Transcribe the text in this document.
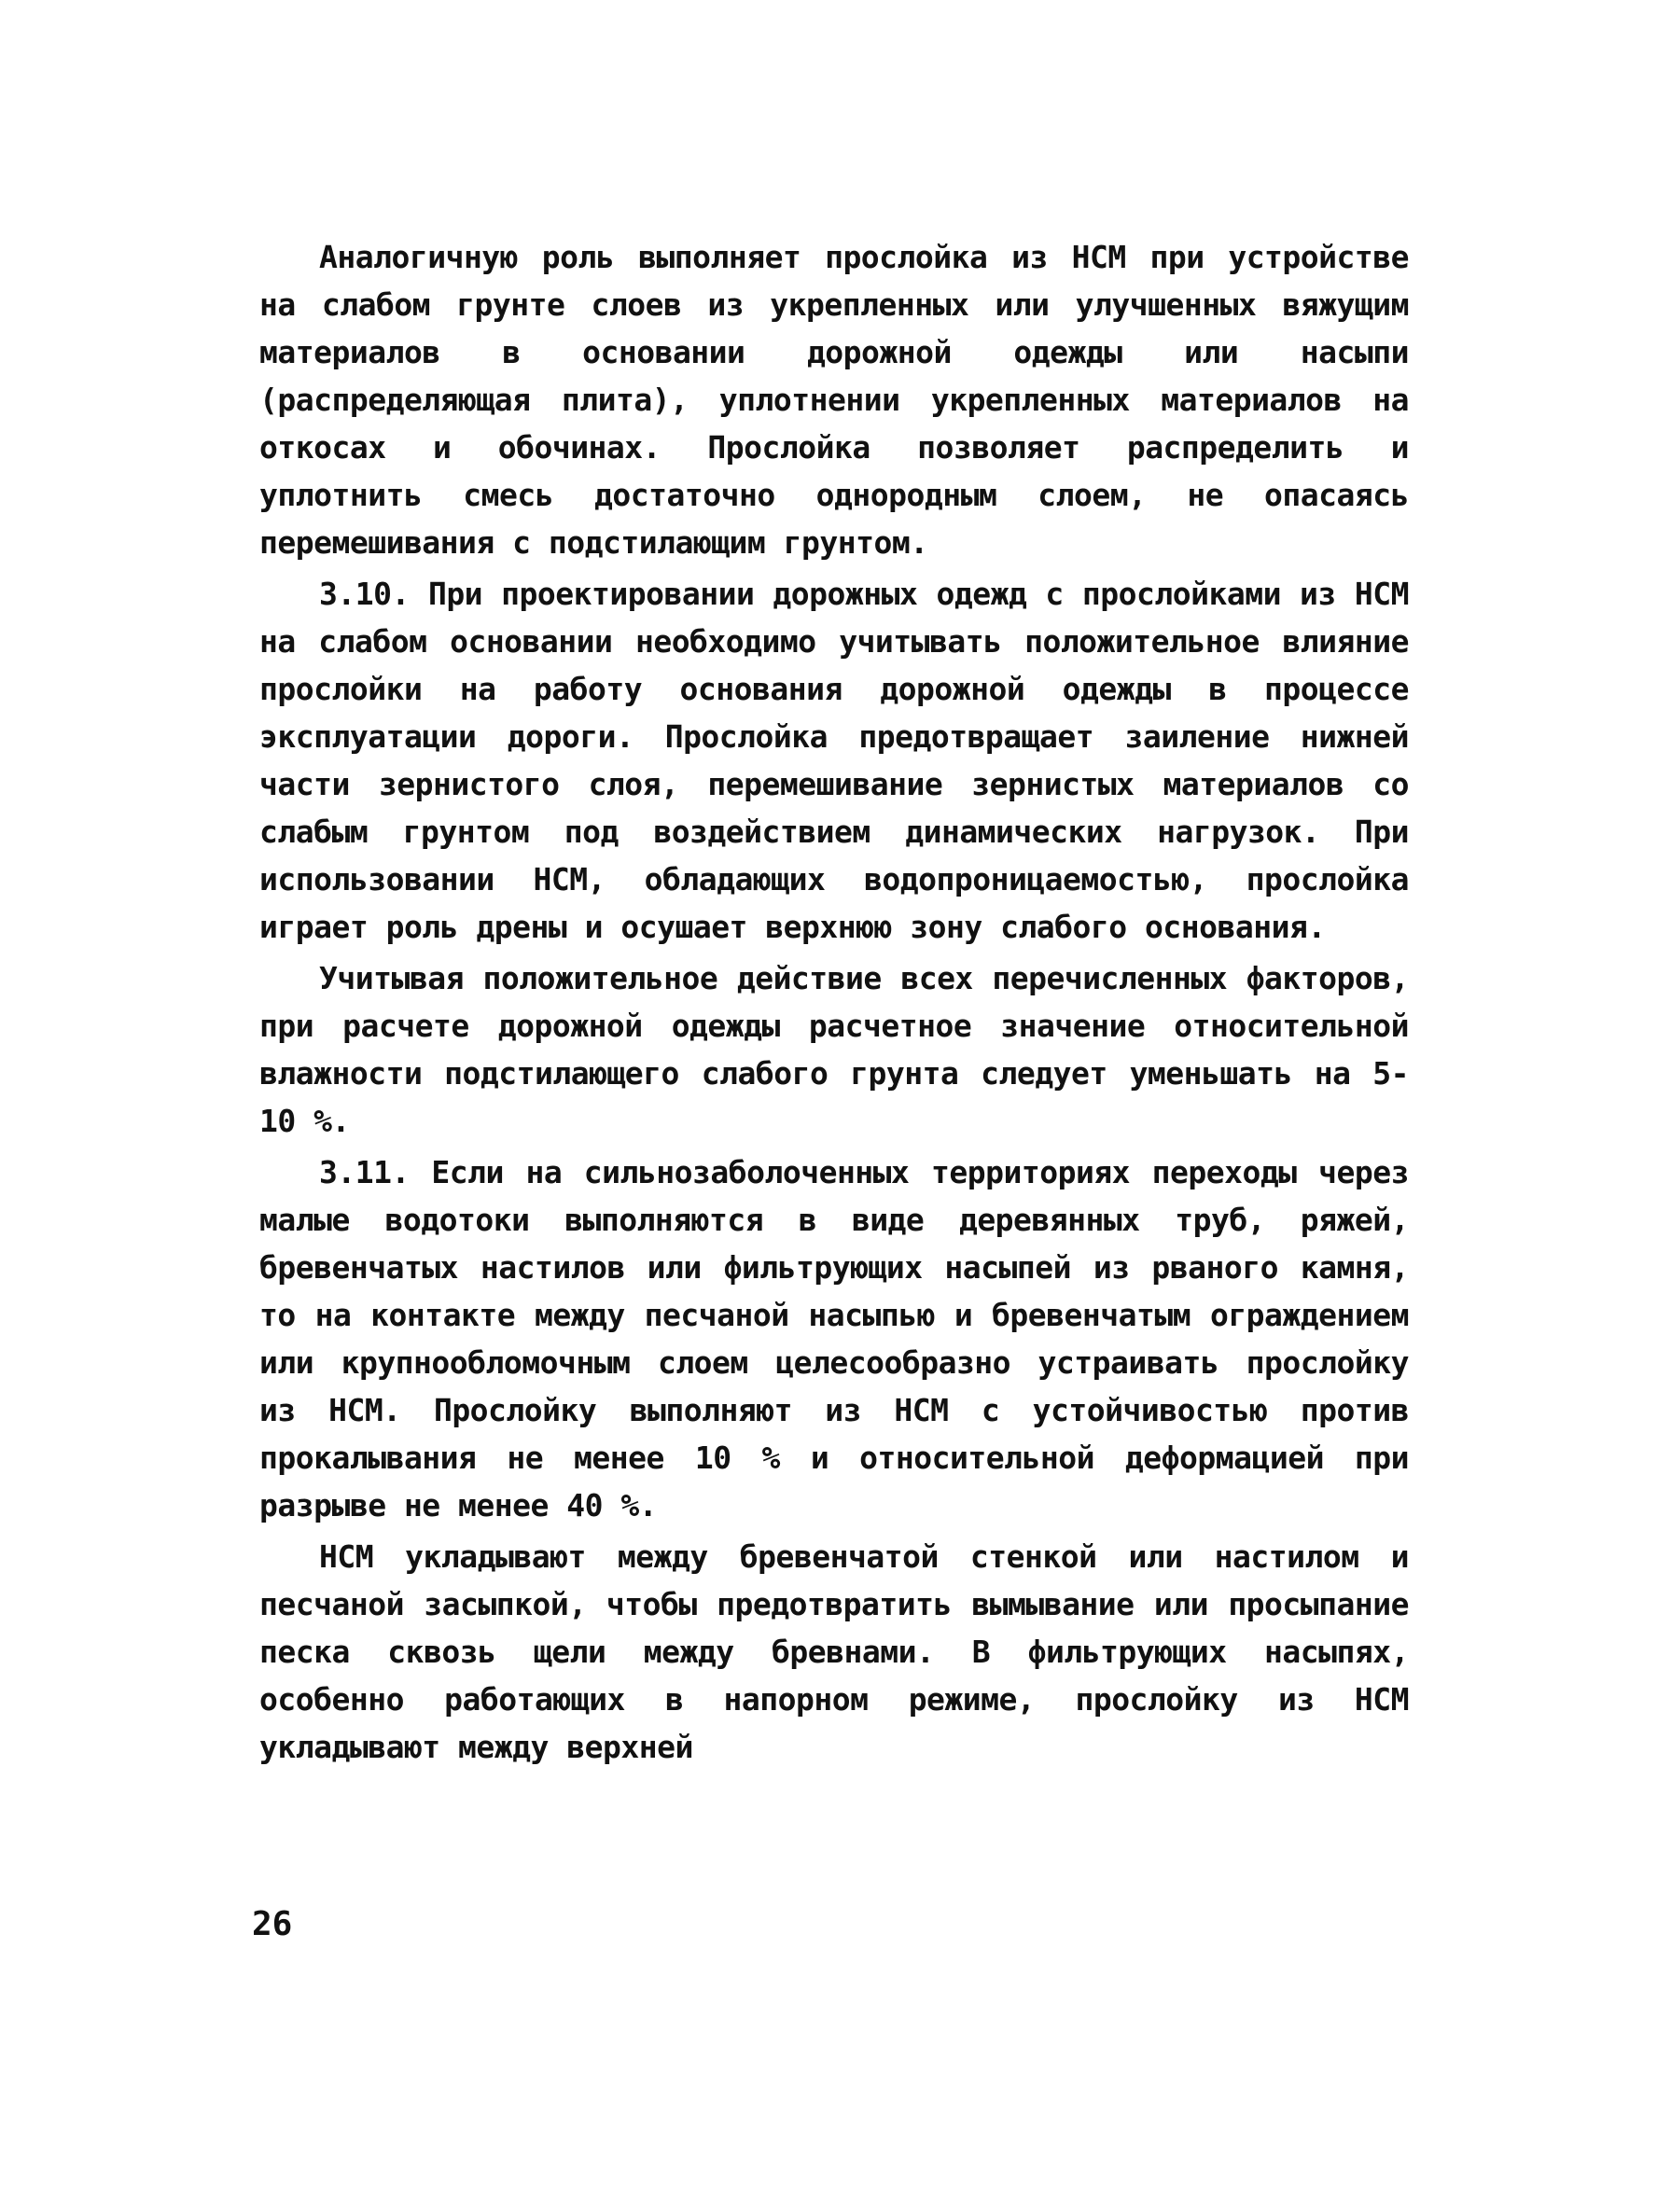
Аналогичную роль выполняет прослойка из НСМ при устройстве на слабом грунте слоев из укрепленных или улучшенных вяжущим материалов в основании дорожной одежды или насыпи (распределяющая плита), уплотнении укрепленных материалов на откосах и обочинах. Прослойка позволяет распределить и уплотнить смесь достаточно однородным слоем, не опасаясь перемешивания с подстилающим грунтом.

3.10. При проектировании дорожных одежд с прослойками из НСМ на слабом основании необходимо учитывать положительное влияние прослойки на работу основания дорожной одежды в процессе эксплуатации дороги. Прослойка предотвращает заиление нижней части зернистого слоя, перемешивание зернистых материалов со слабым грунтом под воздействием динамических нагрузок. При использовании НСМ, обладающих водопроницаемостью, прослойка играет роль дрены и осушает верхнюю зону слабого основания.

Учитывая положительное действие всех перечисленных факторов, при расчете дорожной одежды расчетное значение относительной влажности подстилающего слабого грунта следует уменьшать на 5-10 %.

3.11. Если на сильнозаболоченных территориях переходы через малые водотоки выполняются в виде деревянных труб, ряжей, бревенчатых настилов или фильтрующих насыпей из рваного камня, то на контакте между песчаной насыпью и бревенчатым ограждением или крупнообломочным слоем целесообразно устраивать прослойку из НСМ. Прослойку выполняют из НСМ с устойчивостью против прокалывания не менее 10 % и относительной деформацией при разрыве не менее 40 %.

НСМ укладывают между бревенчатой стенкой или настилом и песчаной засыпкой, чтобы предотвратить вымывание или просыпание песка сквозь щели между бревнами. В фильтрующих насыпях, особенно работающих в напорном режиме, прослойку из НСМ укладывают между верхней

26
